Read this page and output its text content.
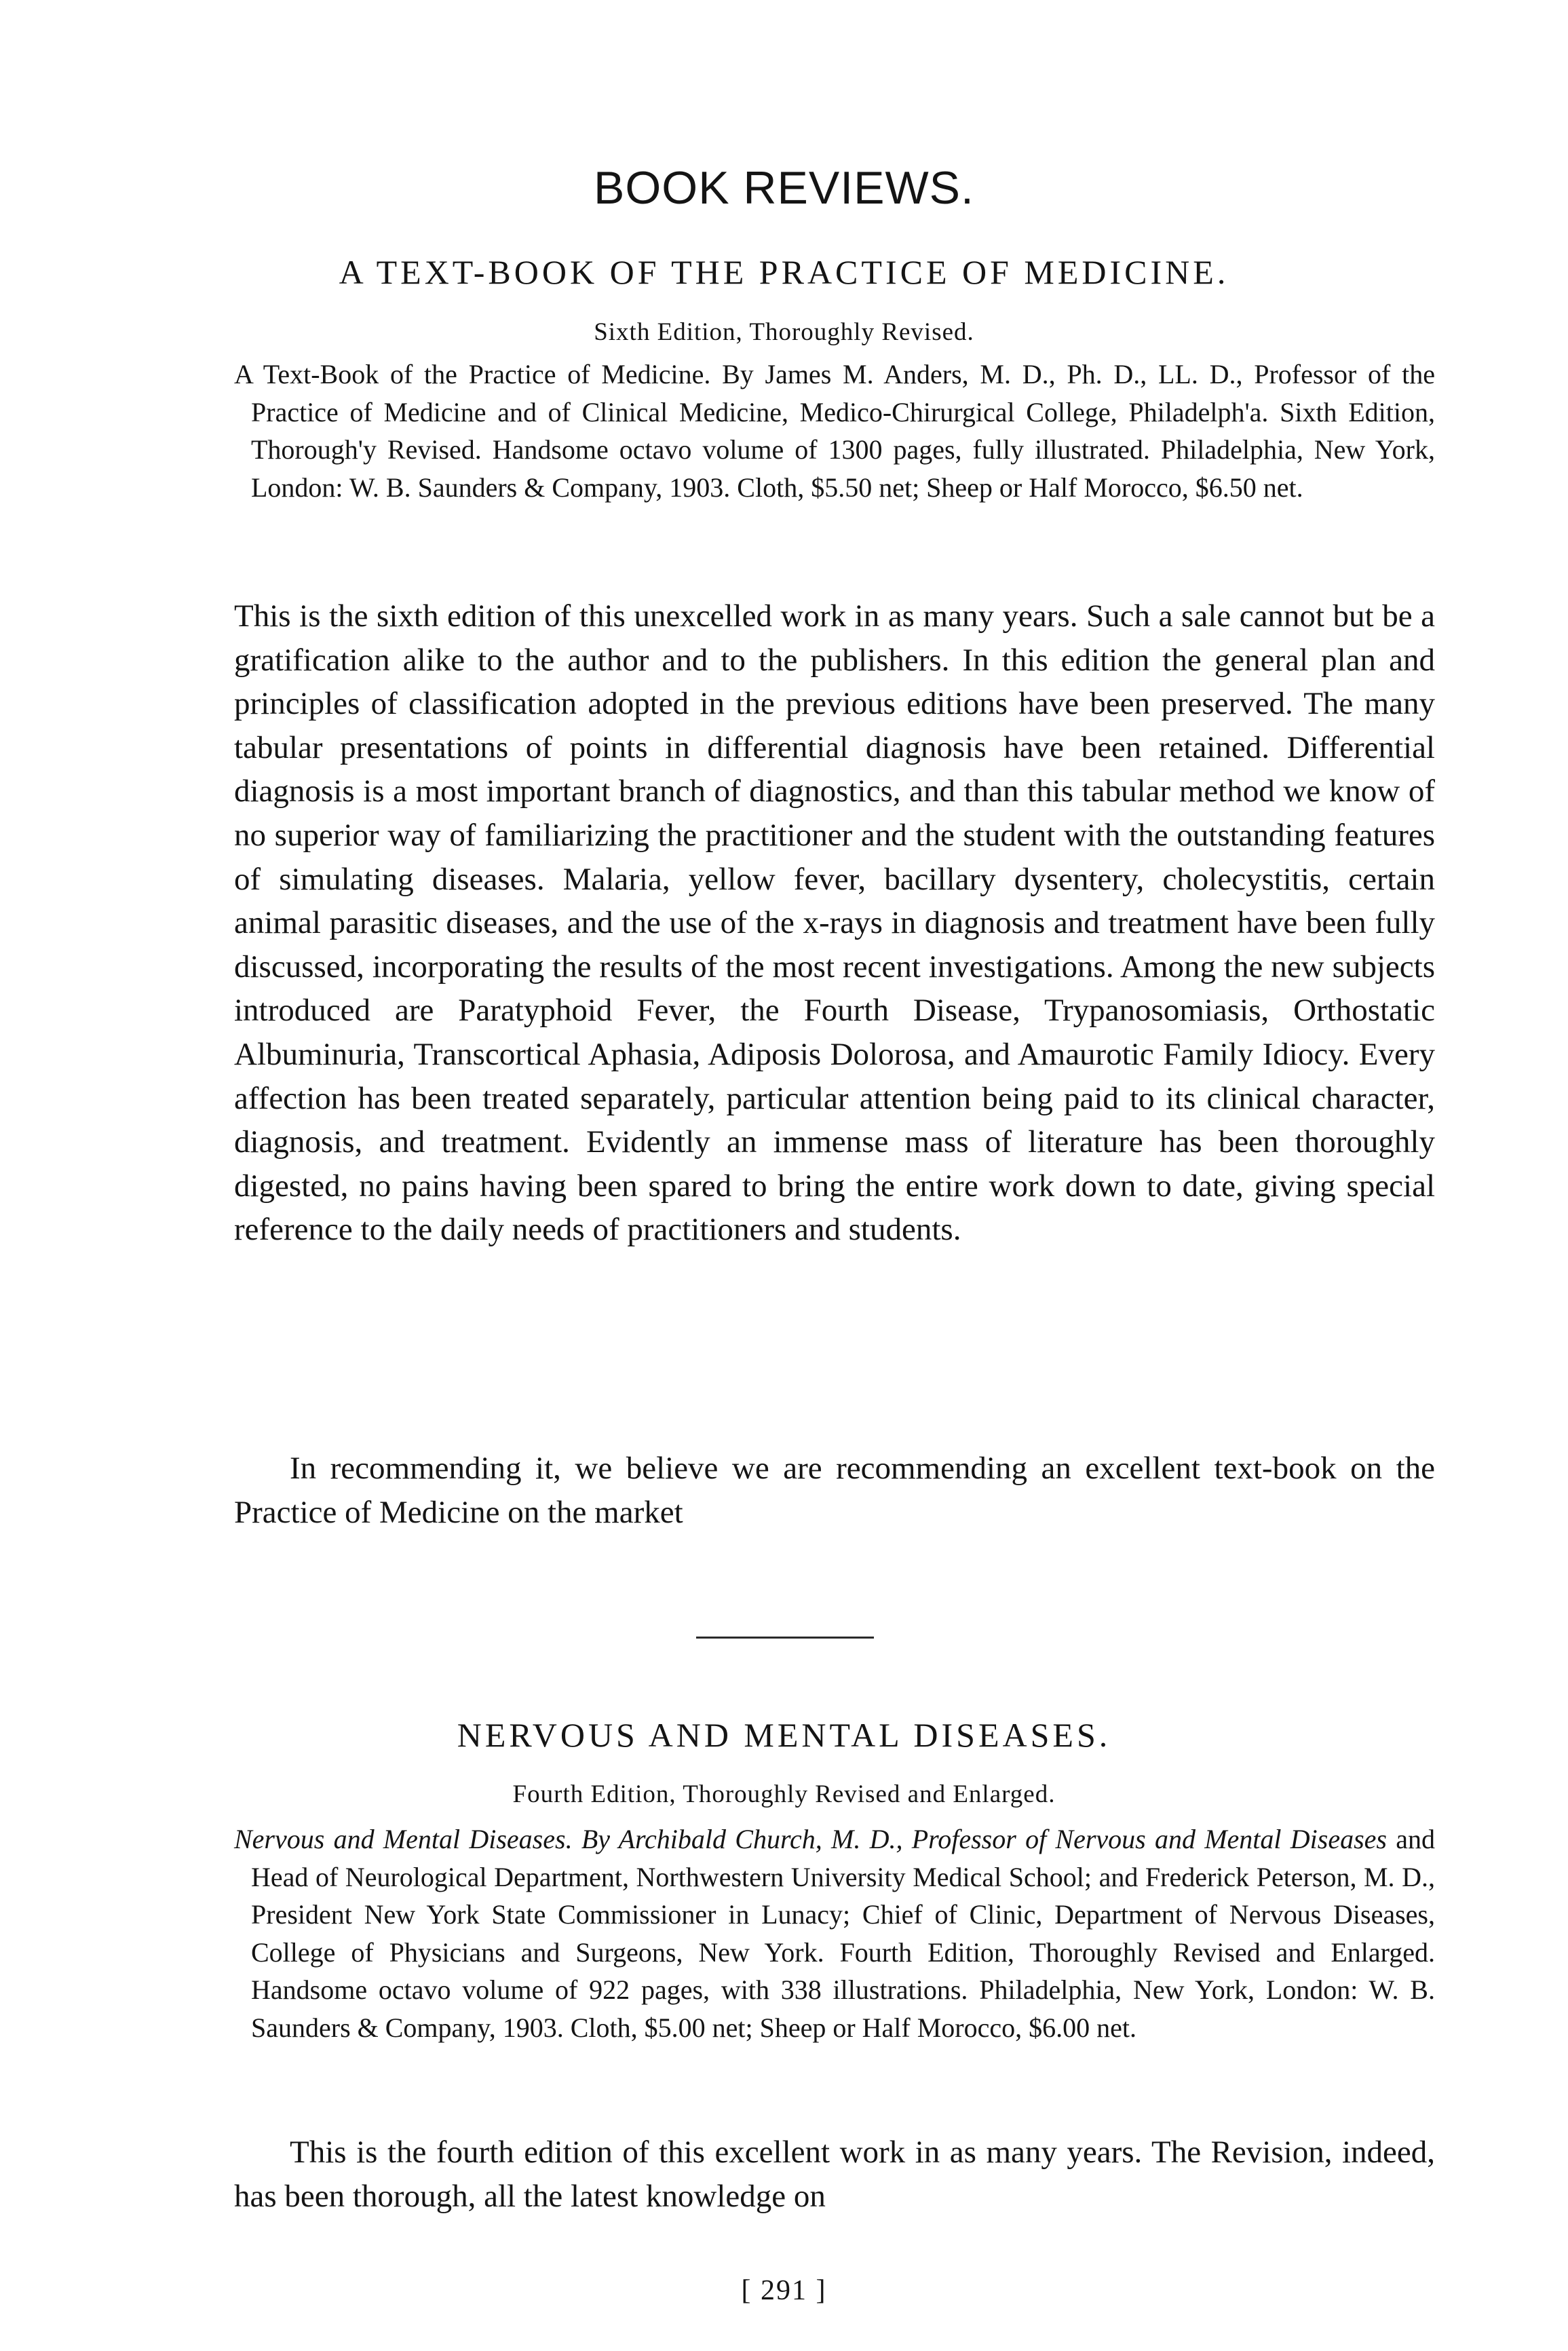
BOOK REVIEWS.
A TEXT-BOOK OF THE PRACTICE OF MEDICINE.
Sixth Edition, Thoroughly Revised.

A Text-Book of the Practice of Medicine. By James M. Anders, M. D., Ph. D., LL. D., Professor of the Practice of Medicine and of Clinical Medicine, Medico-Chirurgical College, Philadelph'a. Sixth Edition, Thorough'y Revised. Handsome octavo volume of 1300 pages, fully illustrated. Philadelphia, New York, London: W. B. Saunders & Company, 1903. Cloth, $5.50 net; Sheep or Half Morocco, $6.50 net.

This is the sixth edition of this unexcelled work in as many years. Such a sale cannot but be a gratification alike to the author and to the publishers. In this edition the general plan and principles of classification adopted in the previous editions have been preserved. The many tabular presentations of points in differential diagnosis have been retained. Differential diagnosis is a most important branch of diagnostics, and than this tabular method we know of no superior way of familiarizing the practitioner and the student with the outstanding features of simulating diseases. Malaria, yellow fever, bacillary dysentery, cholecystitis, certain animal parasitic diseases, and the use of the x-rays in diagnosis and treatment have been fully discussed, incorporating the results of the most recent investigations. Among the new subjects introduced are Paratyphoid Fever, the Fourth Disease, Trypanosomiasis, Orthostatic Albuminuria, Transcortical Aphasia, Adiposis Dolorosa, and Amaurotic Family Idiocy. Every affection has been treated separately, particular attention being paid to its clinical character, diagnosis, and treatment. Evidently an immense mass of literature has been thoroughly digested, no pains having been spared to bring the entire work down to date, giving special reference to the daily needs of practitioners and students.

In recommending it, we believe we are recommending an excellent text-book on the Practice of Medicine on the market

NERVOUS AND MENTAL DISEASES.
Fourth Edition, Thoroughly Revised and Enlarged.

Nervous and Mental Diseases. By Archibald Church, M. D., Professor of Nervous and Mental Diseases and Head of Neurological Department, Northwestern University Medical School; and Frederick Peterson, M. D., President New York State Commissioner in Lunacy; Chief of Clinic, Department of Nervous Diseases, College of Physicians and Surgeons, New York. Fourth Edition, Thoroughly Revised and Enlarged. Handsome octavo volume of 922 pages, with 338 illustrations. Philadelphia, New York, London: W. B. Saunders & Company, 1903. Cloth, $5.00 net; Sheep or Half Morocco, $6.00 net.

This is the fourth edition of this excellent work in as many years. The Revision, indeed, has been thorough, all the latest knowledge on

[ 291 ]
